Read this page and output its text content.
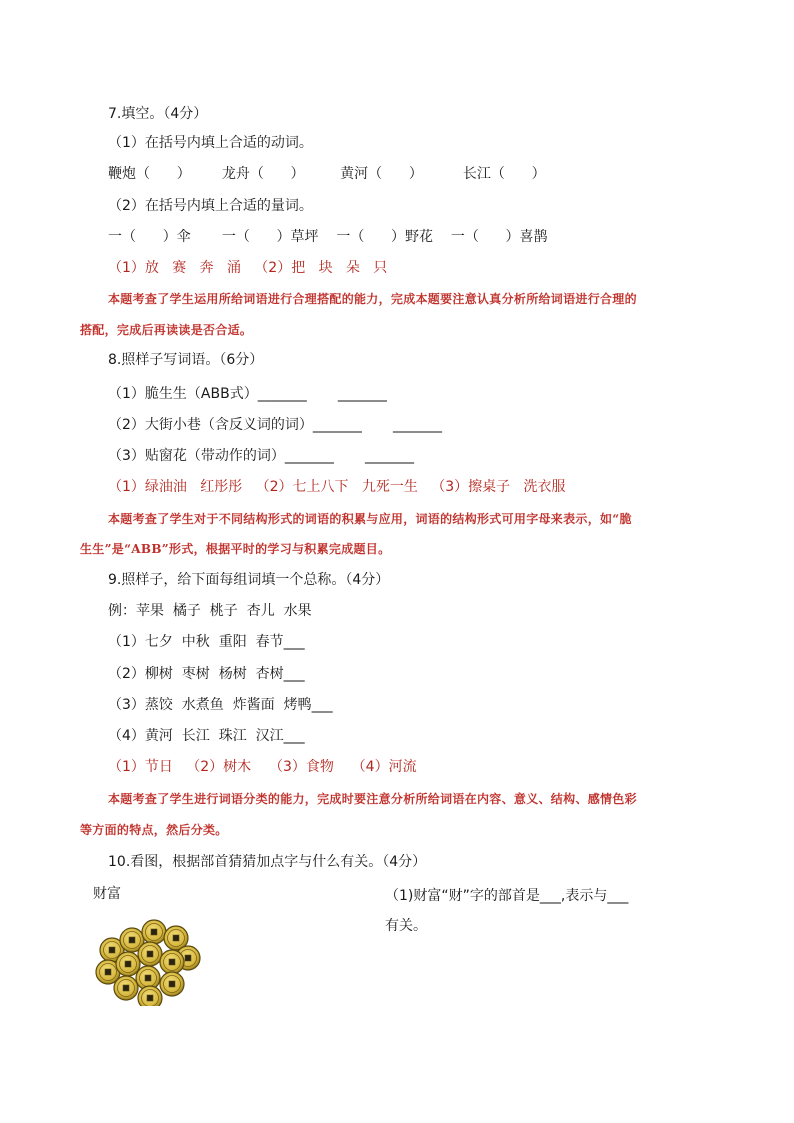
7.填空。（4分）
（1）在括号内填上合适的动词。
鞭炮（      ）       龙舟（      ）        黄河（      ）         长江（      ）
（2）在括号内填上合适的量词。
一（      ）伞       一（      ）草坪    一（      ）野花    一（      ）喜鹊
（1）放   赛   奔   涌   （2）把   块   朵   只
本题考查了学生运用所给词语进行合理搭配的能力，完成本题要注意认真分析所给词语进行合理的
搭配，完成后再读读是否合适。
8.照样子写词语。（6分）
（1）脆生生（ABB式）_______       _______
（2）大街小巷（含反义词的词）_______       _______
（3）贴窗花（带动作的词）_______       _______
（1）绿油油   红彤彤   （2）七上八下   九死一生   （3）擦桌子   洗衣服
本题考查了学生对于不同结构形式的词语的积累与应用，词语的结构形式可用字母来表示，如“脆
生生”是“ABB”形式，根据平时的学习与积累完成题目。
9.照样子，给下面每组词填一个总称。（4分）
例：苹果  橘子  桃子  杏儿  水果
（1）七夕  中秋  重阳  春节___
（2）柳树  枣树  杨树  杏树___
（3）蒸饺  水煮鱼  炸酱面  烤鸭___
（4）黄河  长江  珠江  汉江___
（1）节日   （2）树木    （3）食物    （4）河流
本题考查了学生进行词语分类的能力，完成时要注意分析所给词语在内容、意义、结构、感情色彩
等方面的特点，然后分类。
10.看图，根据部首猜猜加点字与什么有关。（4分）
财富	（1)财富“财”字的部首是___,表示与___
有关。
